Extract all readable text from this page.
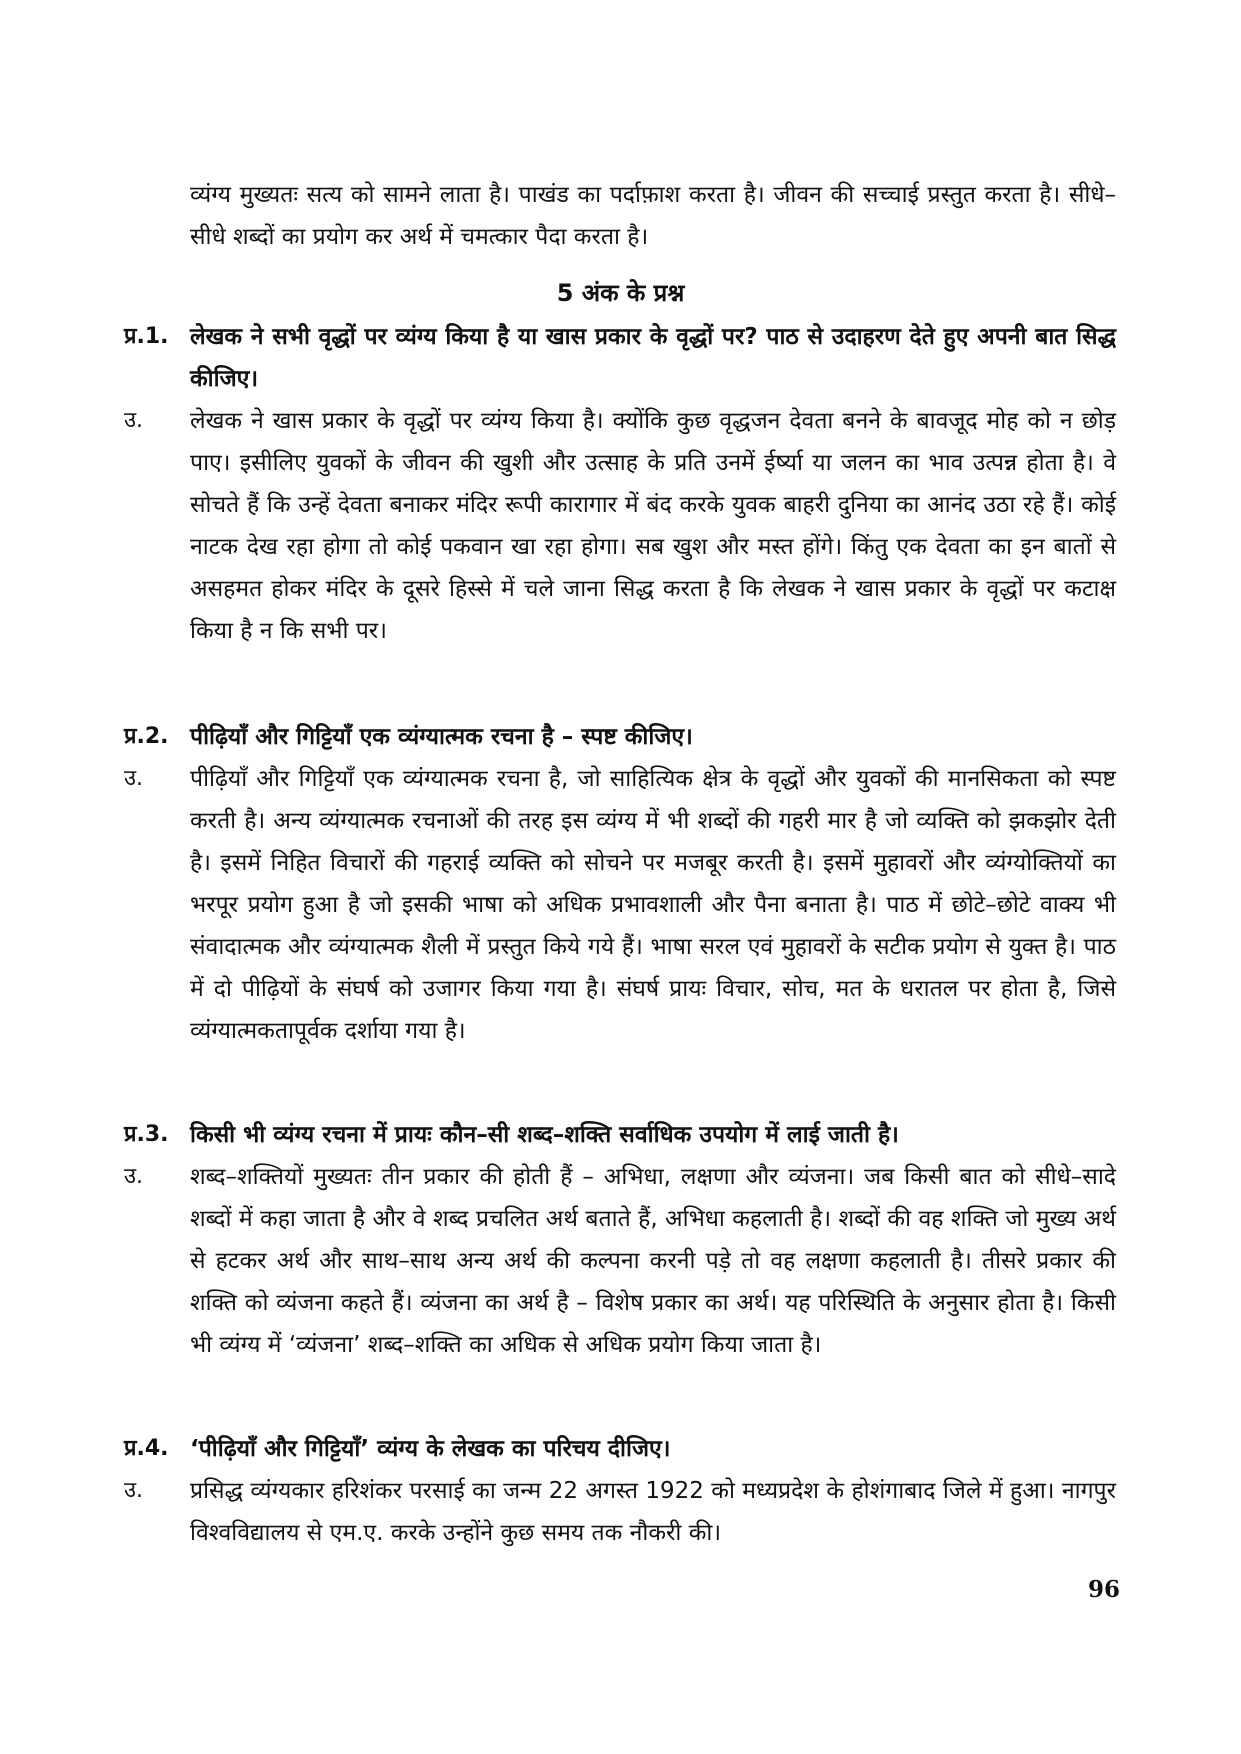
व्यंग्य मुख्यतः सत्य को सामने लाता है। पाखंड का पर्दाफ़ाश करता है। जीवन की सच्चाई प्रस्तुत करता है। सीधे–सीधे शब्दों का प्रयोग कर अर्थ में चमत्कार पैदा करता है।
5 अंक के प्रश्न
प्र.1. लेखक ने सभी वृद्धों पर व्यंग्य किया है या खास प्रकार के वृद्धों पर? पाठ से उदाहरण देते हुए अपनी बात सिद्ध कीजिए।
उ.	लेखक ने खास प्रकार के वृद्धों पर व्यंग्य किया है। क्योंकि कुछ वृद्धजन देवता बनने के बावजूद मोह को न छोड़ पाए। इसीलिए युवकों के जीवन की खुशी और उत्साह के प्रति उनमें ईर्ष्या या जलन का भाव उत्पन्न होता है। वे सोचते हैं कि उन्हें देवता बनाकर मंदिर रूपी कारागार में बंद करके युवक बाहरी दुनिया का आनंद उठा रहे हैं। कोई नाटक देख रहा होगा तो कोई पकवान खा रहा होगा। सब खुश और मस्त होंगे। किंतु एक देवता का इन बातों से असहमत होकर मंदिर के दूसरे हिस्से में चले जाना सिद्ध करता है कि लेखक ने खास प्रकार के वृद्धों पर कटाक्ष किया है न कि सभी पर।
प्र.2. पीढ़ियाँ और गिट्टियाँ एक व्यंग्यात्मक रचना है – स्पष्ट कीजिए।
उ.	पीढ़ियाँ और गिट्टियाँ एक व्यंग्यात्मक रचना है, जो साहित्यिक क्षेत्र के वृद्धों और युवकों की मानसिकता को स्पष्ट करती है। अन्य व्यंग्यात्मक रचनाओं की तरह इस व्यंग्य में भी शब्दों की गहरी मार है जो व्यक्ति को झकझोर देती है। इसमें निहित विचारों की गहराई व्यक्ति को सोचने पर मजबूर करती है। इसमें मुहावरों और व्यंग्योक्तियों का भरपूर प्रयोग हुआ है जो इसकी भाषा को अधिक प्रभावशाली और पैना बनाता है। पाठ में छोटे–छोटे वाक्य भी संवादात्मक और व्यंग्यात्मक शैली में प्रस्तुत किये गये हैं। भाषा सरल एवं मुहावरों के सटीक प्रयोग से युक्त है। पाठ में दो पीढ़ियों के संघर्ष को उजागर किया गया है। संघर्ष प्रायः विचार, सोच, मत के धरातल पर होता है, जिसे व्यंग्यात्मकतापूर्वक दर्शाया गया है।
प्र.3. किसी भी व्यंग्य रचना में प्रायः कौन–सी शब्द–शक्ति सर्वाधिक उपयोग में लाई जाती है।
उ.	शब्द–शक्तियों मुख्यतः तीन प्रकार की होती हैं – अभिधा, लक्षणा और व्यंजना। जब किसी बात को सीधे–सादे शब्दों में कहा जाता है और वे शब्द प्रचलित अर्थ बताते हैं, अभिधा कहलाती है। शब्दों की वह शक्ति जो मुख्य अर्थ से हटकर अर्थ और साथ–साथ अन्य अर्थ की कल्पना करनी पड़े तो वह लक्षणा कहलाती है। तीसरे प्रकार की शक्ति को व्यंजना कहते हैं। व्यंजना का अर्थ है – विशेष प्रकार का अर्थ। यह परिस्थिति के अनुसार होता है। किसी भी व्यंग्य में ‘व्यंजना’ शब्द–शक्ति का अधिक से अधिक प्रयोग किया जाता है।
प्र.4. ‘पीढ़ियाँ और गिट्टियाँ’ व्यंग्य के लेखक का परिचय दीजिए।
उ.	प्रसिद्ध व्यंग्यकार हरिशंकर परसाई का जन्म 22 अगस्त 1922 को मध्यप्रदेश के होशंगाबाद जिले में हुआ। नागपुर विश्वविद्यालय से एम.ए. करके उन्होंने कुछ समय तक नौकरी की।
96
